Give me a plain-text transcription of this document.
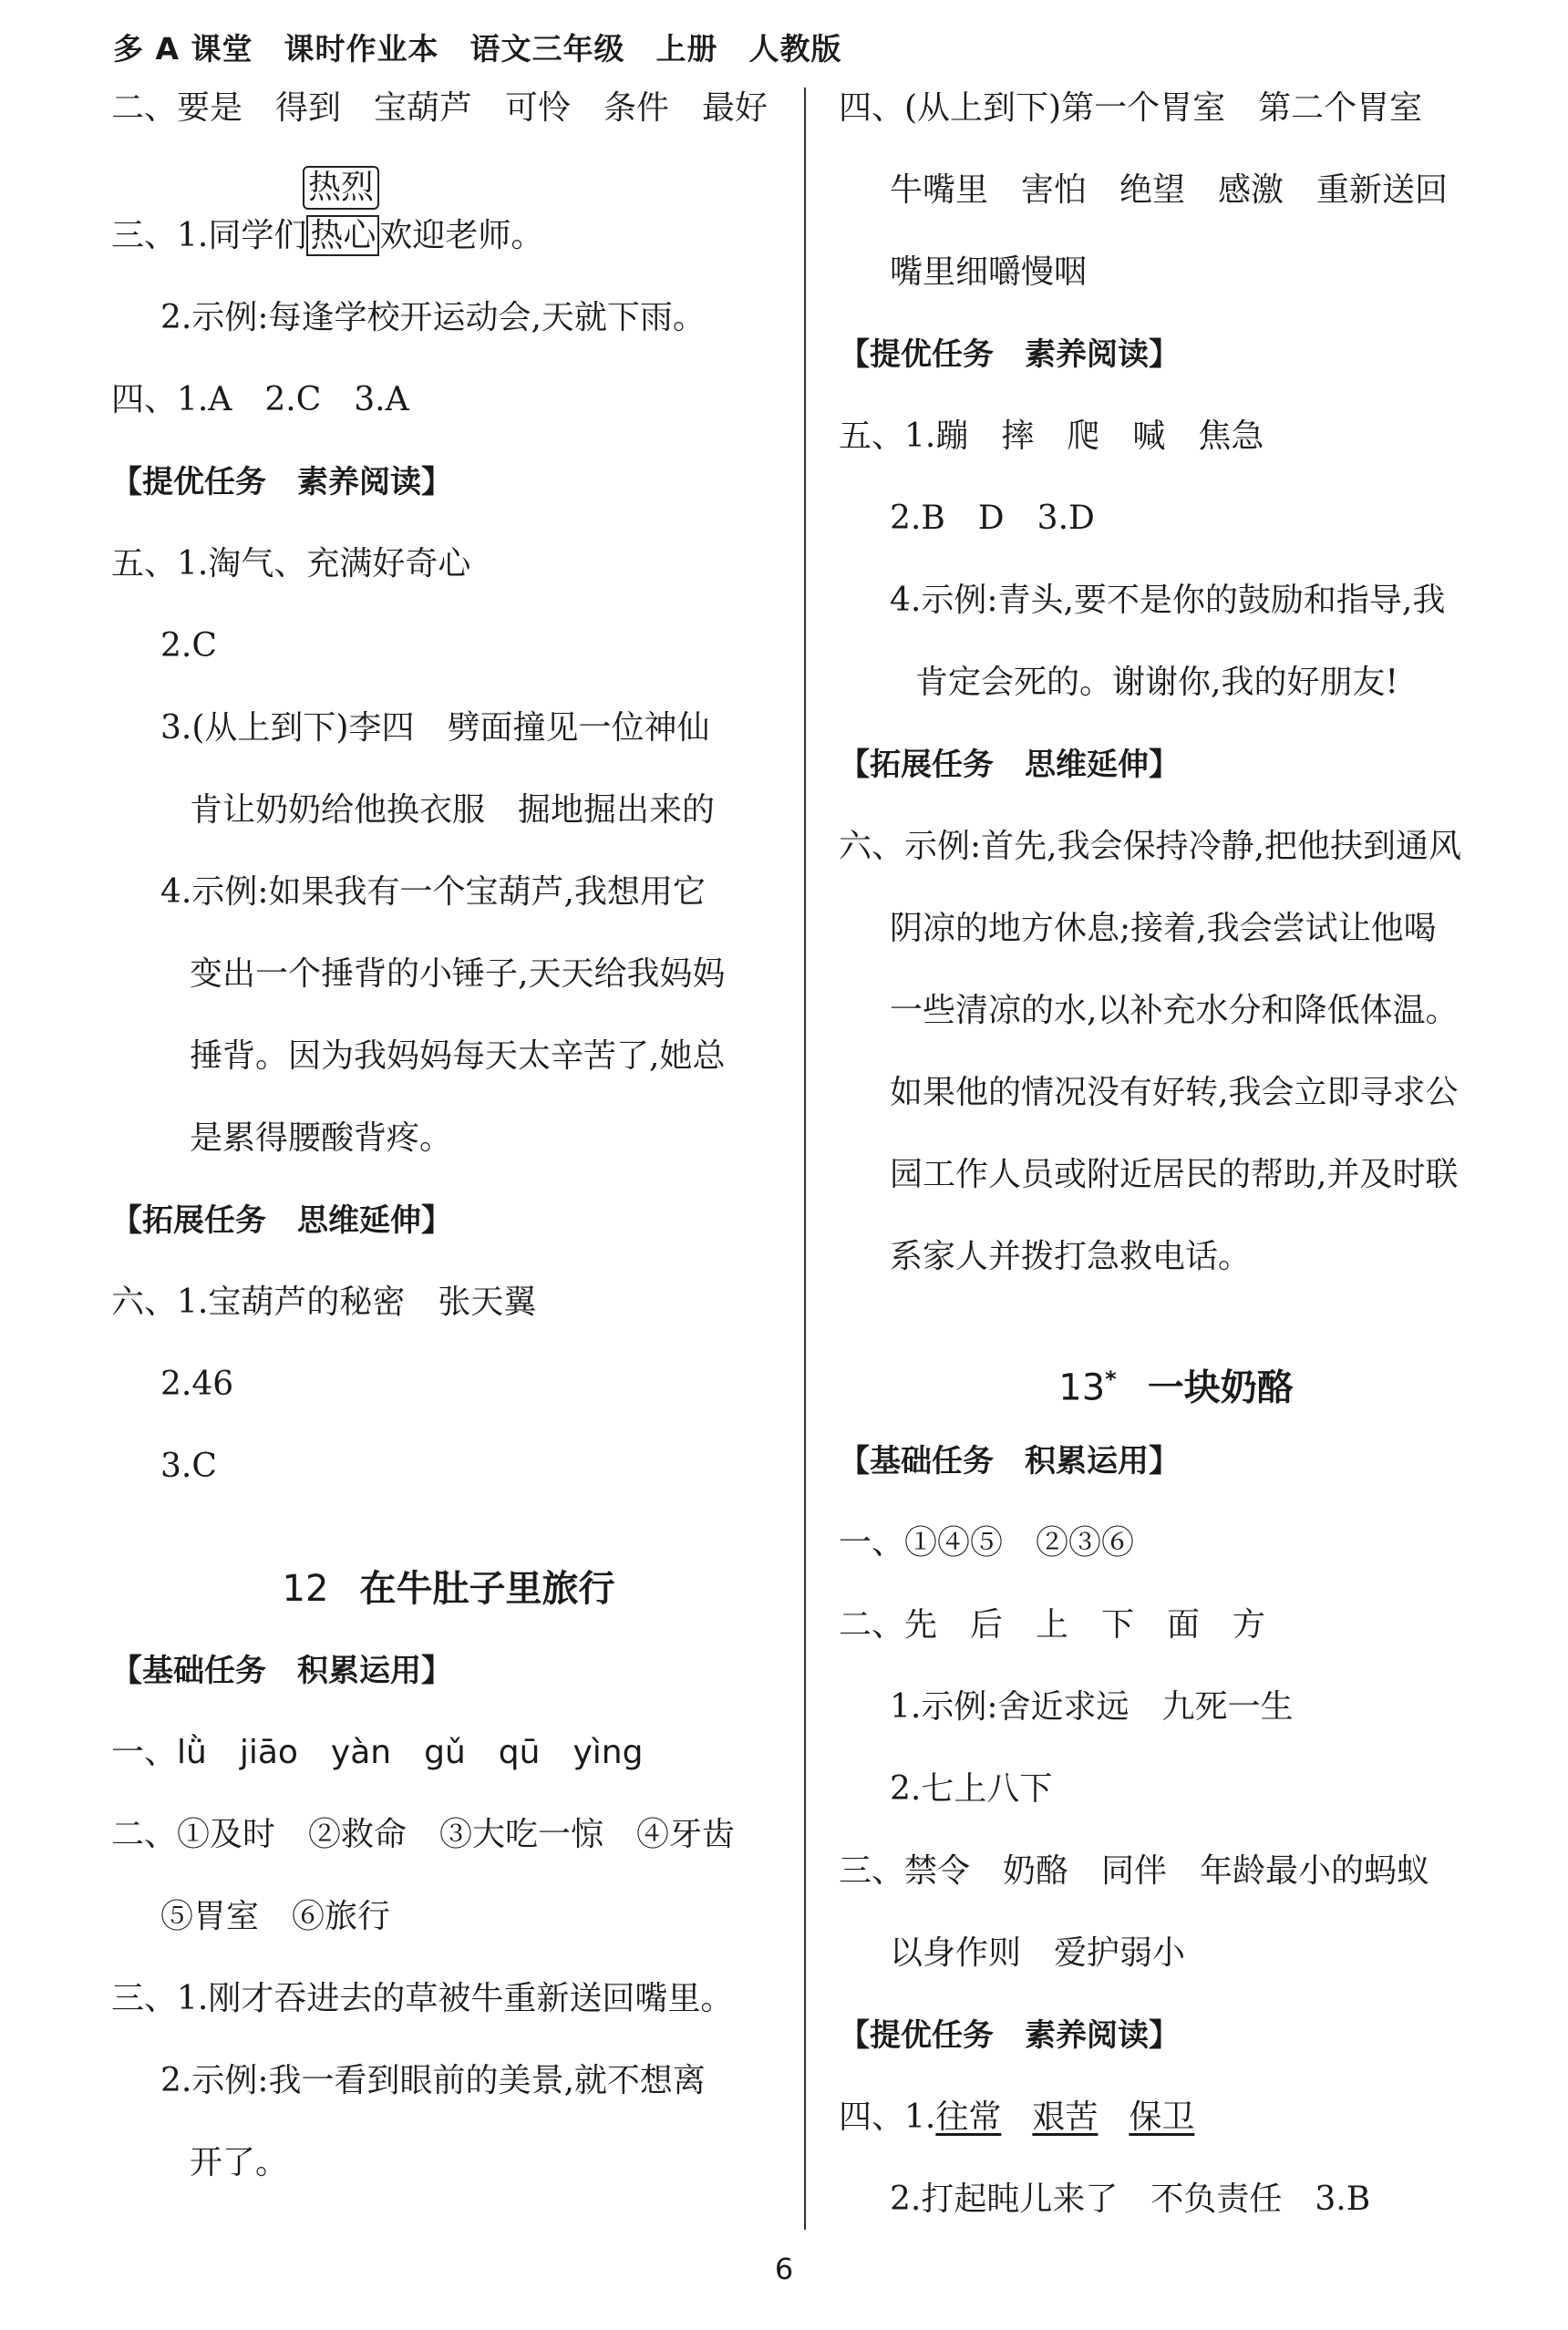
多 A 课堂　课时作业本　语文三年级　上册　人教版
二、要是　得到　宝葫芦　可怜　条件　最好
热烈
三、1.同学们 热心 欢迎老师。
2.示例:每逢学校开运动会,天就下雨。
四、1.A　2.C　3.A
【提优任务　素养阅读】
五、1.淘气、充满好奇心
2.C
3.(从上到下)李四　劈面撞见一位神仙
肯让奶奶给他换衣服　掘地掘出来的
4.示例:如果我有一个宝葫芦,我想用它
变出一个捶背的小锤子,天天给我妈妈
捶背。因为我妈妈每天太辛苦了,她总
是累得腰酸背疼。
【拓展任务　思维延伸】
六、1.宝葫芦的秘密　张天翼
2.46
3.C
12 在牛肚子里旅行
【基础任务　积累运用】
一、lǜ　jiāo　yàn　gǔ　qū　yìng
二、①及时　②救命　③大吃一惊　④牙齿
⑤胃室　⑥旅行
三、1.刚才吞进去的草被牛重新送回嘴里。
2.示例:我一看到眼前的美景,就不想离
开了。
四、(从上到下)第一个胃室　第二个胃室
牛嘴里　害怕　绝望　感激　重新送回
嘴里细嚼慢咽
【提优任务　素养阅读】
五、1.蹦　摔　爬　喊　焦急
2.B　D　3.D
4.示例:青头,要不是你的鼓励和指导,我
肯定会死的。谢谢你,我的好朋友!
【拓展任务　思维延伸】
六、示例:首先,我会保持冷静,把他扶到通风
阴凉的地方休息;接着,我会尝试让他喝
一些清凉的水,以补充水分和降低体温。
如果他的情况没有好转,我会立即寻求公
园工作人员或附近居民的帮助,并及时联
系家人并拨打急救电话。
13* 一块奶酪
【基础任务　积累运用】
一、①④⑤　②③⑥
二、先　后　上　下　面　方
1.示例:舍近求远　九死一生
2.七上八下
三、禁令　奶酪　同伴　年龄最小的蚂蚁
以身作则　爱护弱小
【提优任务　素养阅读】
四、1.往常 艰苦 保卫
2.打起盹儿来了　不负责任　3.B
6
